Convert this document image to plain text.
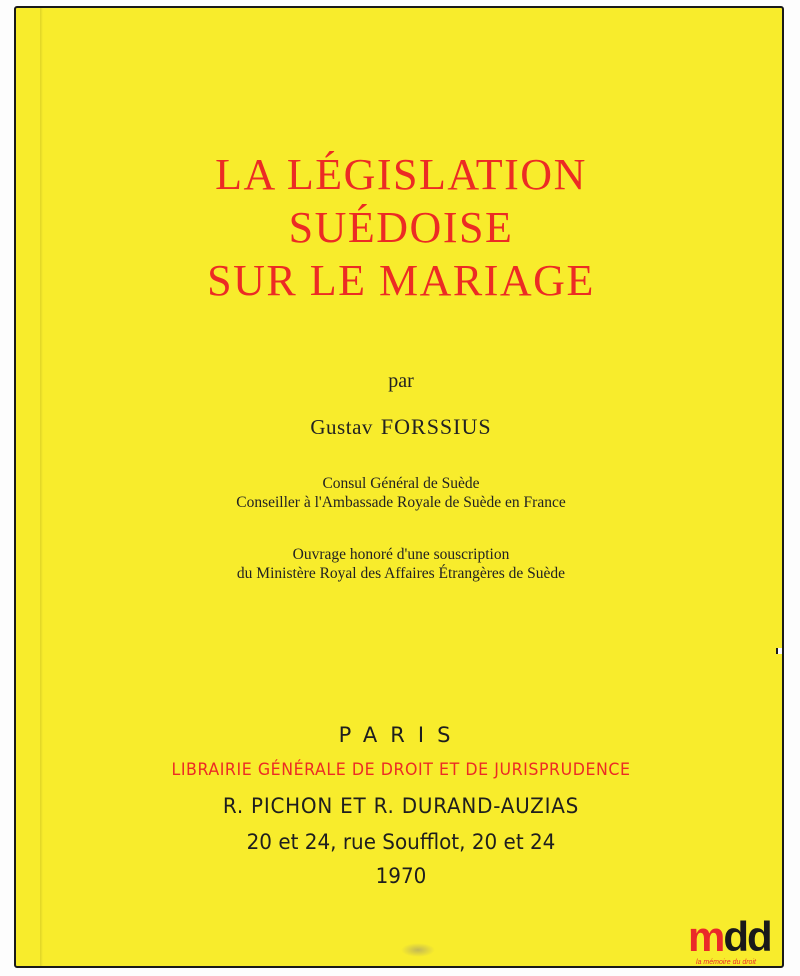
LA LÉGISLATION
SUÉDOISE
SUR LE MARIAGE
par
Gustav FORSSIUS
Consul Général de Suède
Conseiller à l'Ambassade Royale de Suède en France
Ouvrage honoré d'une souscription
du Ministère Royal des Affaires Étrangères de Suède
PARIS
LIBRAIRIE GÉNÉRALE DE DROIT ET DE JURISPRUDENCE
R. PICHON ET R. DURAND-AUZIAS
20 et 24, rue Soufflot, 20 et 24
1970
mdd
la mémoire du droit
